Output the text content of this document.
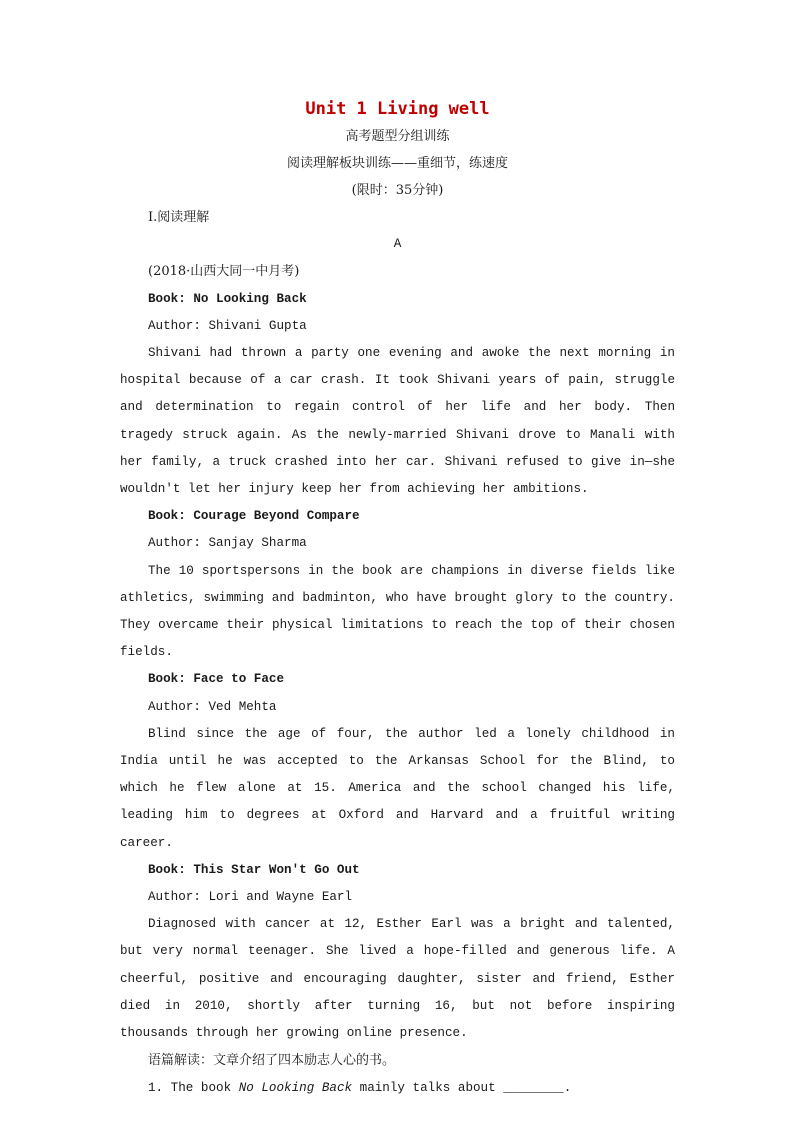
Unit 1 Living well

高考题型分组训练

阅读理解板块训练——重细节，练速度

(限时：35分钟)

Ⅰ.阅读理解
A
(2018·山西大同一中月考)

Book: No Looking Back

Author: Shivani Gupta

Shivani had thrown a party one evening and awoke the next morning in hospital because of a car crash. It took Shivani years of pain, struggle and determination to regain control of her life and her body. Then tragedy struck again. As the newly-married Shivani drove to Manali with her family, a truck crashed into her car. Shivani refused to give in—she wouldn't let her injury keep her from achieving her ambitions.

Book: Courage Beyond Compare

Author: Sanjay Sharma

The 10 sportspersons in the book are champions in diverse fields like athletics, swimming and badminton, who have brought glory to the country. They overcame their physical limitations to reach the top of their chosen fields.

Book: Face to Face

Author: Ved Mehta

Blind since the age of four, the author led a lonely childhood in India until he was accepted to the Arkansas School for the Blind, to which he flew alone at 15. America and the school changed his life, leading him to degrees at Oxford and Harvard and a fruitful writing career.

Book: This Star Won't Go Out

Author: Lori and Wayne Earl

Diagnosed with cancer at 12, Esther Earl was a bright and talented, but very normal teenager. She lived a hope-filled and generous life. A cheerful, positive and encouraging daughter, sister and friend, Esther died in 2010, shortly after turning 16, but not before inspiring thousands through her growing online presence.

语篇解读：文章介绍了四本励志人心的书。

1. The book No Looking Back mainly talks about ________.
